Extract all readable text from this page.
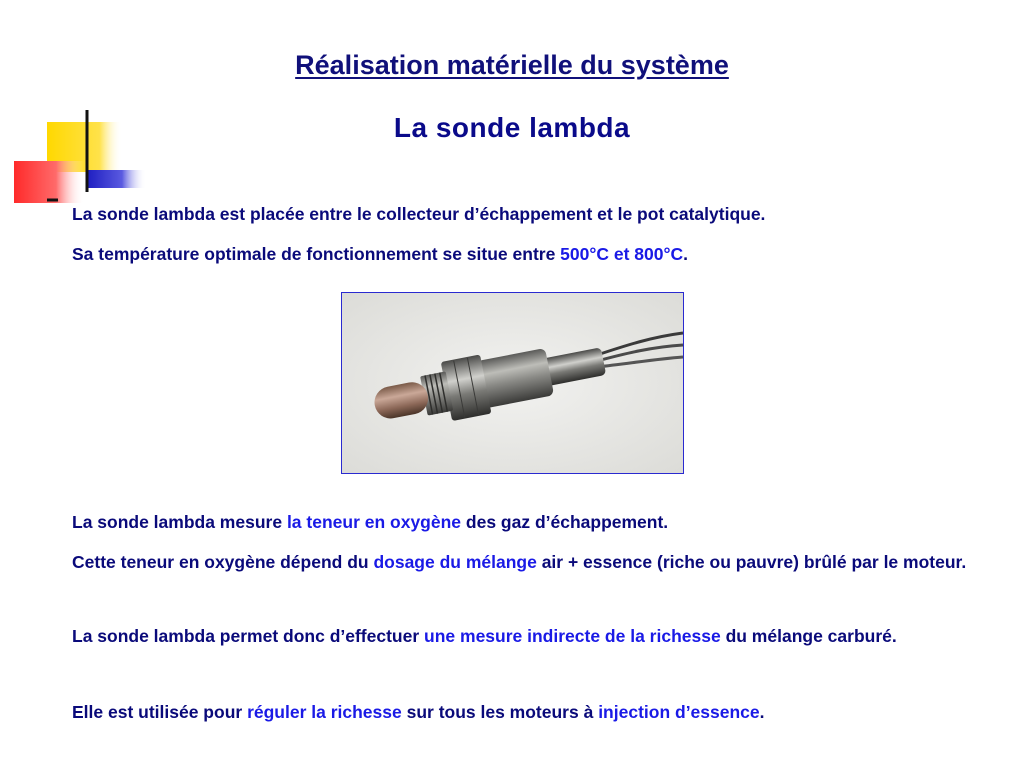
Réalisation matérielle du système
La sonde lambda
La sonde lambda est placée entre le collecteur d’échappement et le pot catalytique.
Sa température optimale de fonctionnement se situe entre 500°C et 800°C.
La sonde lambda mesure la teneur en oxygène des gaz d’échappement.
Cette teneur en oxygène dépend du dosage du mélange air + essence (riche ou pauvre) brûlé par le moteur.
La sonde lambda permet donc d’effectuer une mesure indirecte de la richesse du mélange carburé.
Elle est utilisée pour réguler la richesse sur tous les moteurs à injection d’essence.
